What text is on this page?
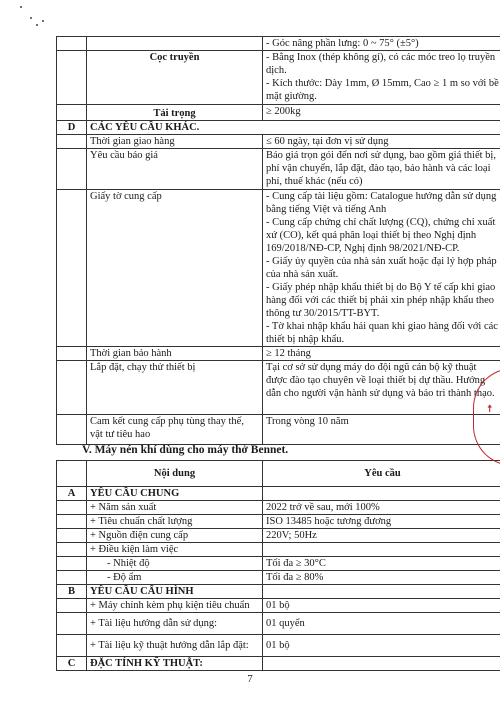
		- Góc nâng phần lưng: 0 ~ 75° (±5°)
	Cọc truyền	- Bằng Inox (thép không gỉ), có các móc treo lọ truyền dịch.
- Kích thước: Dày 1mm, Ø 15mm, Cao ≥ 1 m so với bề mặt giường.
	Tải trọng	≥ 200kg
D	CÁC YÊU CẦU KHÁC.	
	Thời gian giao hàng	≤ 60 ngày, tại đơn vị sử dụng
	Yêu cầu báo giá	Báo giá trọn gói đến nơi sử dụng, bao gồm giá thiết bị, phí vận chuyển, lắp đặt, đào tạo, bảo hành và các loại phí, thuế khác (nếu có)
	Giấy tờ cung cấp	- Cung cấp tài liệu gồm: Catalogue hướng dẫn sử dụng bằng tiếng Việt và tiếng Anh
- Cung cấp chứng chỉ chất lượng (CQ), chứng chỉ xuất xứ (CO), kết quả phân loại thiết bị theo Nghị định 169/2018/NĐ-CP, Nghị định 98/2021/NĐ-CP.
- Giấy ủy quyền của nhà sản xuất hoặc đại lý hợp pháp của nhà sản xuất.
- Giấy phép nhập khẩu thiết bị do Bộ Y tế cấp khi giao hàng đối với các thiết bị phải xin phép nhập khẩu theo thông tư 30/2015/TT-BYT.
- Tờ khai nhập khẩu hải quan khi giao hàng đối với các thiết bị nhập khẩu.
	Thời gian bảo hành	≥ 12 tháng
	Lắp đặt, chạy thử thiết bị	Tại cơ sở sử dụng máy do đội ngũ cán bộ kỹ thuật được đào tạo chuyên về loại thiết bị dự thầu. Hướng dẫn cho người vận hành sử dụng và bảo trì thành thạo.
	Cam kết cung cấp phụ tùng thay thế, vật tư tiêu hao	Trong vòng 10 năm
V. Máy nén khí dùng cho máy thở Bennet.
	Nội dung	Yêu cầu
A	YÊU CẦU CHUNG	
	+ Năm sản xuất	2022 trở về sau, mới 100%
	+ Tiêu chuẩn chất lượng	ISO 13485 hoặc tương đương
	+ Nguồn điện cung cấp	220V; 50Hz
	+ Điều kiện làm việc	
	- Nhiệt độ	Tối đa ≥ 30°C
	- Độ ẩm	Tối đa ≥ 80%
B	YÊU CẦU CẤU HÌNH	
	+ Máy chính kèm phụ kiện tiêu chuẩn	01 bộ
	+ Tài liệu hướng dẫn sử dụng:	01 quyển
	+ Tài liệu kỹ thuật hướng dẫn lắp đặt:	01 bộ
C	ĐẶC TÍNH KỸ THUẬT:	
↟
7
